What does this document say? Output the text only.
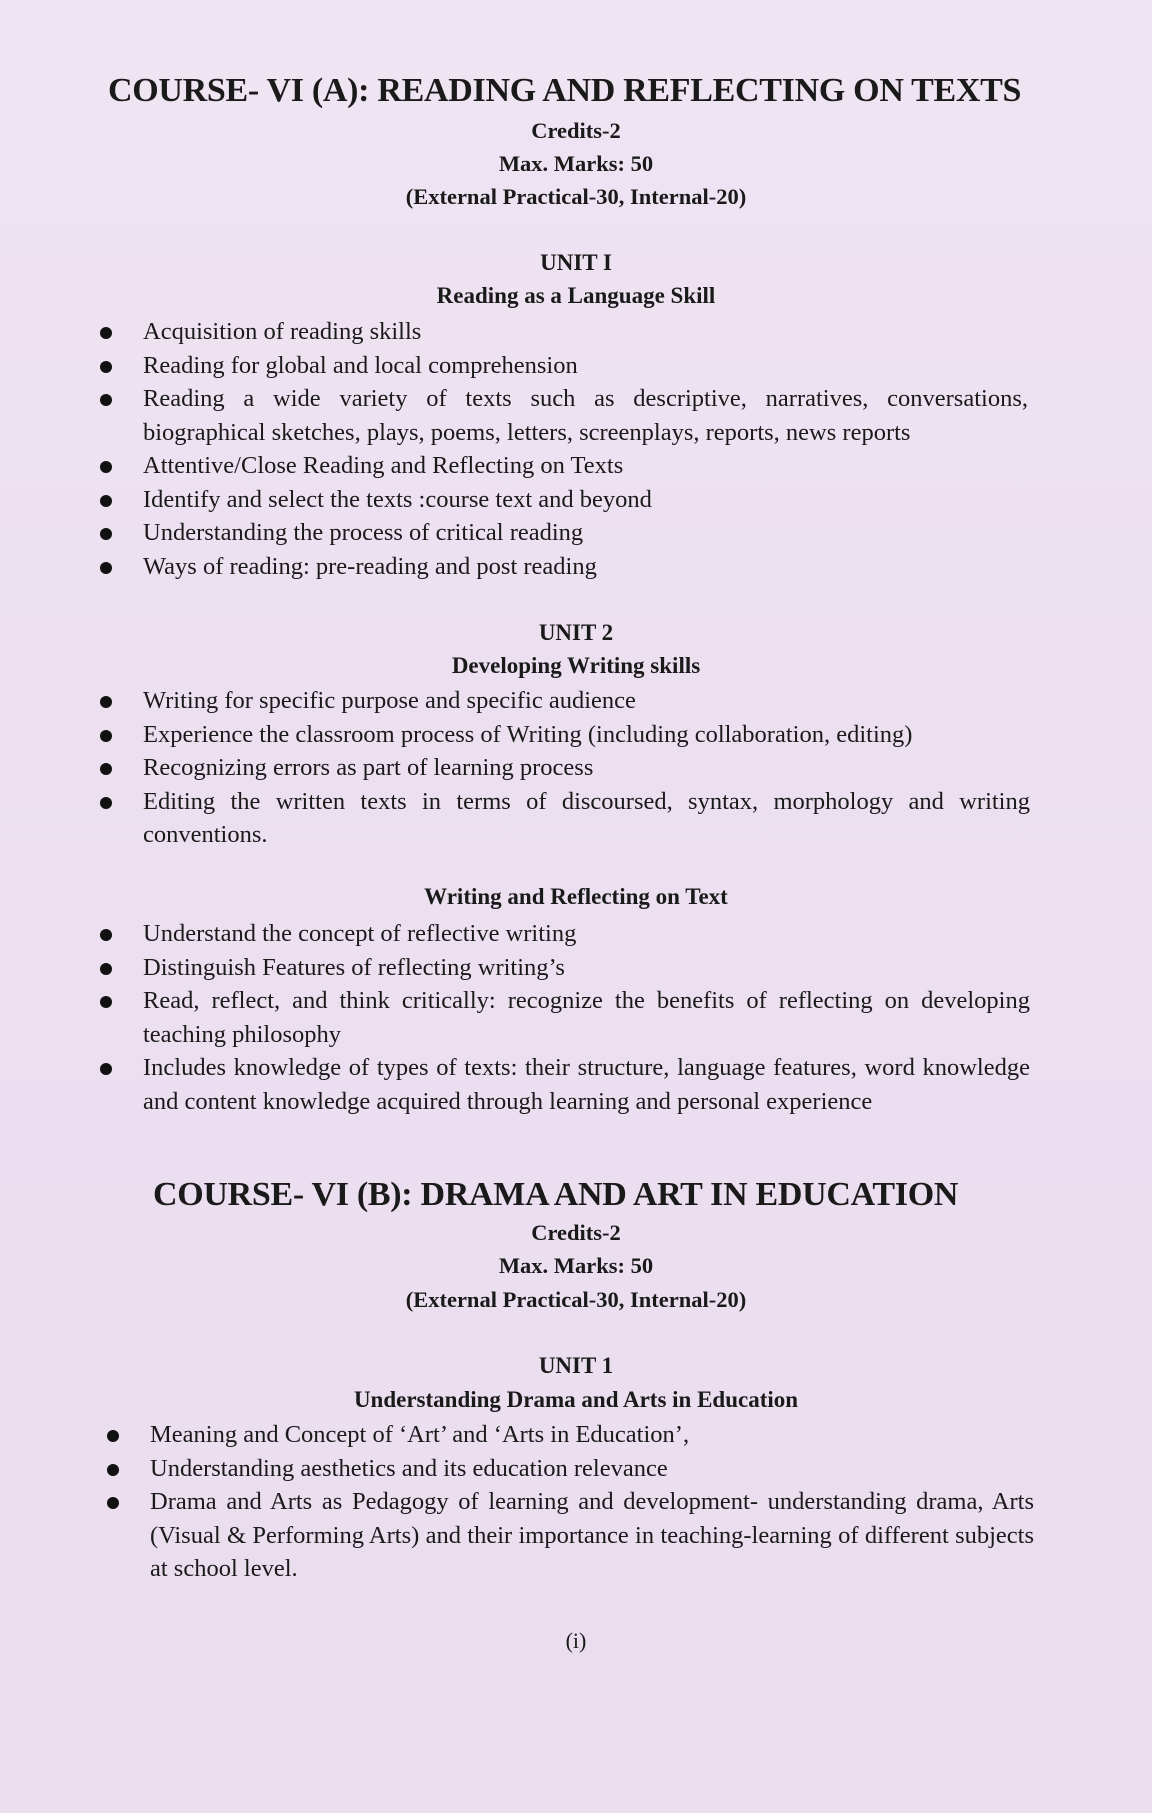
COURSE- VI (A): READING AND REFLECTING ON TEXTS

Credits-2

Max. Marks: 50

(External Practical-30, Internal-20)

UNIT I

Reading as a Language Skill

Acquisition of reading skills
Reading for global and local comprehension
Reading a wide variety of texts such as descriptive, narratives, conversations, biographical sketches, plays, poems, letters, screenplays, reports, news reports
Attentive/Close Reading and Reflecting on Texts
Identify and select the texts :course text and beyond
Understanding the process of critical reading
Ways of reading: pre-reading and post reading

UNIT 2

Developing Writing skills

Writing for specific purpose and specific audience
Experience the classroom process of Writing (including collaboration, editing)
Recognizing errors as part of learning process
Editing the written texts in terms of discoursed, syntax, morphology and writing conventions.

Writing and Reflecting on Text

Understand the concept of reflective writing
Distinguish Features of reflecting writing’s
Read, reflect, and think critically: recognize the benefits of reflecting on developing teaching philosophy
Includes knowledge of types of texts: their structure, language features, word knowledge and content knowledge acquired through learning and personal experience
COURSE- VI (B): DRAMA AND ART IN EDUCATION

Credits-2

Max. Marks: 50

(External Practical-30, Internal-20)

UNIT 1

Understanding Drama and Arts in Education

Meaning and Concept of ‘Art’ and ‘Arts in Education’,
Understanding aesthetics and its education relevance
Drama and Arts as Pedagogy of learning and development- understanding drama, Arts (Visual & Performing Arts) and their importance in teaching-learning of different subjects at school level.

(i)
